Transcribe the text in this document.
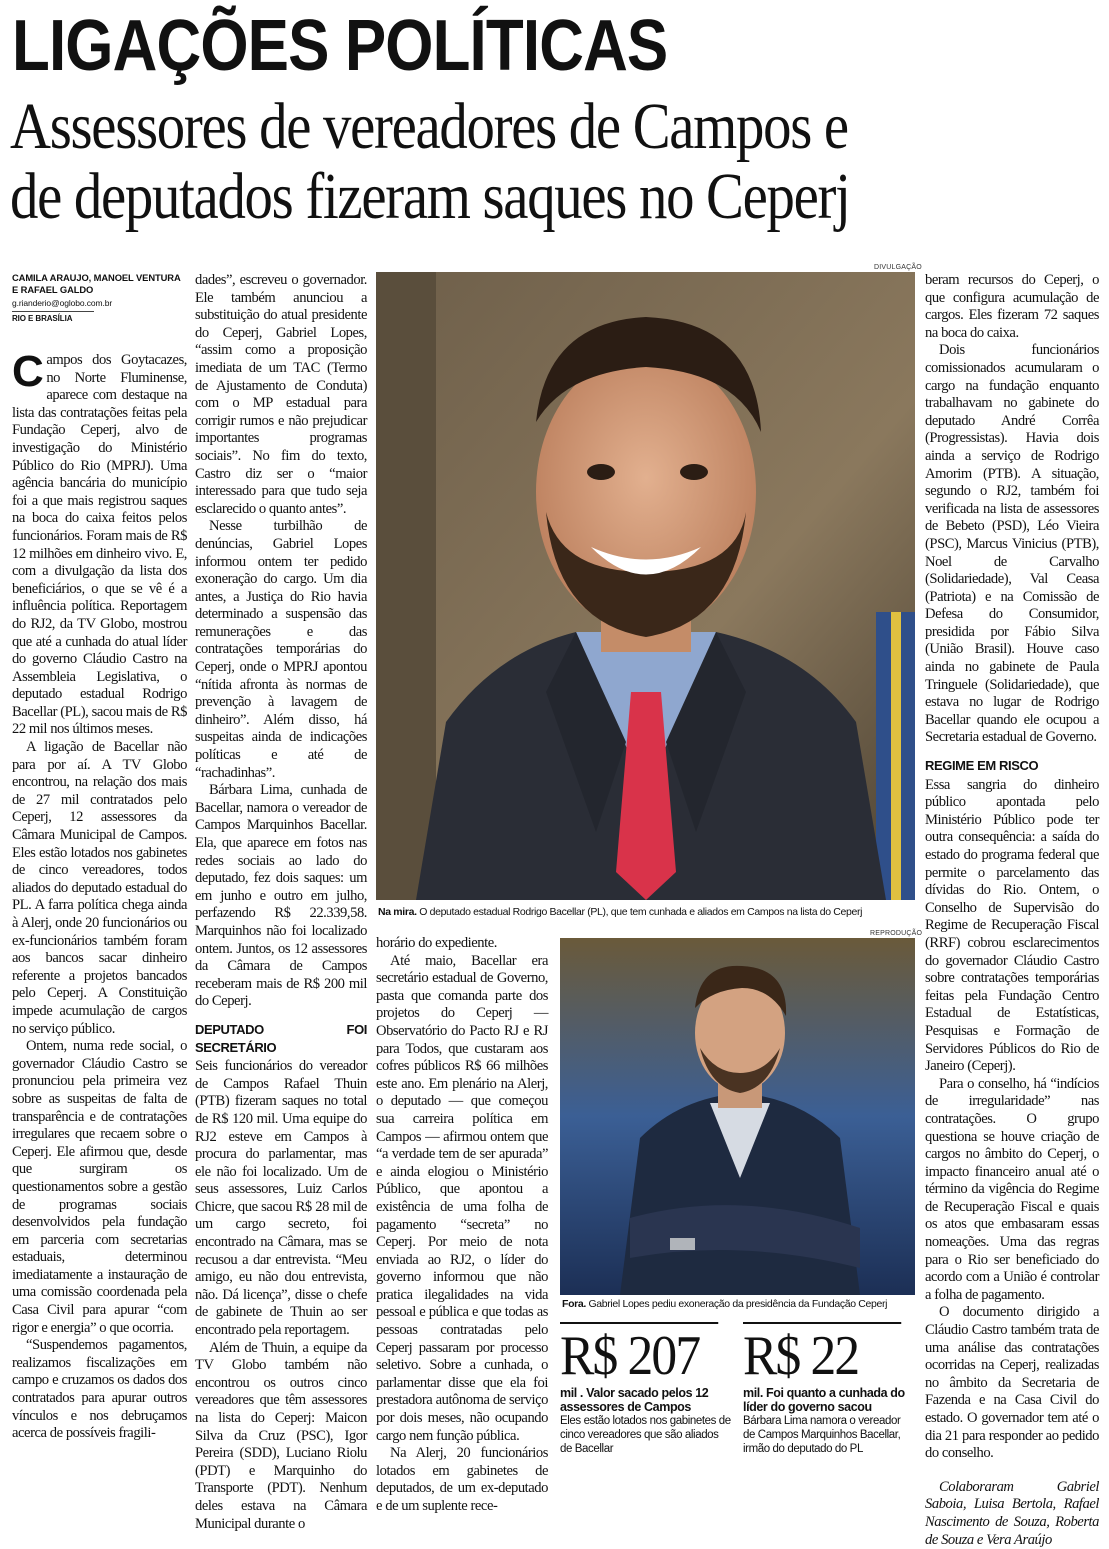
LIGAÇÕES POLÍTICAS
Assessores de vereadores de Campos e
de deputados fizeram saques no Ceperj
CAMILA ARAUJO, MANOEL VENTURA E RAFAEL GALDO
g.rianderio@oglobo.com.br
RIO E BRASÍLIA

Campos dos Goytacazes, no Norte Fluminense, aparece com destaque na lista das contratações feitas pela Fundação Ceperj, alvo de investigação do Ministério Público do Rio (MPRJ). Uma agência bancária do município foi a que mais registrou saques na boca do caixa feitos pelos funcionários. Foram mais de R$ 12 milhões em dinheiro vivo. E, com a divulgação da lista dos beneficiários, o que se vê é a influência política. Reportagem do RJ2, da TV Globo, mostrou que até a cunhada do atual líder do governo Cláudio Castro na Assembleia Legislativa, o deputado estadual Rodrigo Bacellar (PL), sacou mais de R$ 22 mil nos últimos meses.

A ligação de Bacellar não para por aí. A TV Globo encontrou, na relação dos mais de 27 mil contratados pelo Ceperj, 12 assessores da Câmara Municipal de Campos. Eles estão lotados nos gabinetes de cinco vereadores, todos aliados do deputado estadual do PL. A farra política chega ainda à Alerj, onde 20 funcionários ou ex-funcionários também foram aos bancos sacar dinheiro referente a projetos bancados pelo Ceperj. A Constituição impede acumulação de cargos no serviço público.

Ontem, numa rede social, o governador Cláudio Castro se pronunciou pela primeira vez sobre as suspeitas de falta de transparência e de contratações irregulares que recaem sobre o Ceperj. Ele afirmou que, desde que surgiram os questionamentos sobre a gestão de programas sociais desenvolvidos pela fundação em parceria com secretarias estaduais, determinou imediatamente a instauração de uma comissão coordenada pela Casa Civil para apurar “com rigor e energia” o que ocorria.

“Suspendemos pagamentos, realizamos fiscalizações em campo e cruzamos os dados dos contratados para apurar outros vínculos e nos debruçamos acerca de possíveis fragili-

dades”, escreveu o governador. Ele também anunciou a substituição do atual presidente do Ceperj, Gabriel Lopes, “assim como a proposição imediata de um TAC (Termo de Ajustamento de Conduta) com o MP estadual para corrigir rumos e não prejudicar importantes programas sociais”. No fim do texto, Castro diz ser o “maior interessado para que tudo seja esclarecido o quanto antes”.

Nesse turbilhão de denúncias, Gabriel Lopes informou ontem ter pedido exoneração do cargo. Um dia antes, a Justiça do Rio havia determinado a suspensão das remunerações e das contratações temporárias do Ceperj, onde o MPRJ apontou “nítida afronta às normas de prevenção à lavagem de dinheiro”. Além disso, há suspeitas ainda de indicações políticas e até de “rachadinhas”.

Bárbara Lima, cunhada de Bacellar, namora o vereador de Campos Marquinhos Bacellar. Ela, que aparece em fotos nas redes sociais ao lado do deputado, fez dois saques: um em junho e outro em julho, perfazendo R$ 22.339,58. Marquinhos não foi localizado ontem. Juntos, os 12 assessores da Câmara de Campos receberam mais de R$ 200 mil do Ceperj.

DEPUTADO FOI SECRETÁRIO

Seis funcionários do vereador de Campos Rafael Thuin (PTB) fizeram saques no total de R$ 120 mil. Uma equipe do RJ2 esteve em Campos à procura do parlamentar, mas ele não foi localizado. Um de seus assessores, Luiz Carlos Chicre, que sacou R$ 28 mil de um cargo secreto, foi encontrado na Câmara, mas se recusou a dar entrevista. “Meu amigo, eu não dou entrevista, não. Dá licença”, disse o chefe de gabinete de Thuin ao ser encontrado pela reportagem.

Além de Thuin, a equipe da TV Globo também não encontrou os outros cinco vereadores que têm assessores na lista do Ceperj: Maicon Silva da Cruz (PSC), Igor Pereira (SDD), Luciano Riolu (PDT) e Marquinho do Transporte (PDT). Nenhum deles estava na Câmara Municipal durante o

DIVULGAÇÃO
Na mira. O deputado estadual Rodrigo Bacellar (PL), que tem cunhada e aliados em Campos na lista do Ceperj

horário do expediente.

Até maio, Bacellar era secretário estadual de Governo, pasta que comanda parte dos projetos do Ceperj — Observatório do Pacto RJ e RJ para Todos, que custaram aos cofres públicos R$ 66 milhões este ano. Em plenário na Alerj, o deputado — que começou sua carreira política em Campos — afirmou ontem que “a verdade tem de ser apurada” e ainda elogiou o Ministério Público, que apontou a existência de uma folha de pagamento “secreta” no Ceperj. Por meio de nota enviada ao RJ2, o líder do governo informou que não pratica ilegalidades na vida pessoal e pública e que todas as pessoas contratadas pelo Ceperj passaram por processo seletivo. Sobre a cunhada, o parlamentar disse que ela foi prestadora autônoma de serviço por dois meses, não ocupando cargo nem função pública.

Na Alerj, 20 funcionários lotados em gabinetes de deputados, de um ex-deputado e de um suplente rece-

REPRODUÇÃO
Fora. Gabriel Lopes pediu exoneração da presidência da Fundação Ceperj
R$ 207
mil . Valor sacado pelos 12 assessores de Campos
Eles estão lotados nos gabinetes de cinco vereadores que são aliados de Bacellar
R$ 22
mil. Foi quanto a cunhada do líder do governo sacou
Bárbara Lima namora o vereador de Campos Marquinhos Bacellar, irmão do deputado do PL

beram recursos do Ceperj, o que configura acumulação de cargos. Eles fizeram 72 saques na boca do caixa.

Dois funcionários comissionados acumularam o cargo na fundação enquanto trabalhavam no gabinete do deputado André Corrêa (Progressistas). Havia dois ainda a serviço de Rodrigo Amorim (PTB). A situação, segundo o RJ2, também foi verificada na lista de assessores de Bebeto (PSD), Léo Vieira (PSC), Marcus Vinicius (PTB), Noel de Carvalho (Solidariedade), Val Ceasa (Patriota) e na Comissão de Defesa do Consumidor, presidida por Fábio Silva (União Brasil). Houve caso ainda no gabinete de Paula Tringuele (Solidariedade), que estava no lugar de Rodrigo Bacellar quando ele ocupou a Secretaria estadual de Governo.

REGIME EM RISCO

Essa sangria do dinheiro público apontada pelo Ministério Público pode ter outra consequência: a saída do estado do programa federal que permite o parcelamento das dívidas do Rio. Ontem, o Conselho de Supervisão do Regime de Recuperação Fiscal (RRF) cobrou esclarecimentos do governador Cláudio Castro sobre contratações temporárias feitas pela Fundação Centro Estadual de Estatísticas, Pesquisas e Formação de Servidores Públicos do Rio de Janeiro (Ceperj).

Para o conselho, há “indícios de irregularidade” nas contratações. O grupo questiona se houve criação de cargos no âmbito do Ceperj, o impacto financeiro anual até o término da vigência do Regime de Recuperação Fiscal e quais os atos que embasaram essas nomeações. Uma das regras para o Rio ser beneficiado do acordo com a União é controlar a folha de pagamento.

O documento dirigido a Cláudio Castro também trata de uma análise das contratações ocorridas na Ceperj, realizadas no âmbito da Secretaria de Fazenda e na Casa Civil do estado. O governador tem até o dia 21 para responder ao pedido do conselho.

Colaboraram Gabriel Saboia, Luisa Bertola, Rafael Nascimento de Souza, Roberta de Souza e Vera Araújo
